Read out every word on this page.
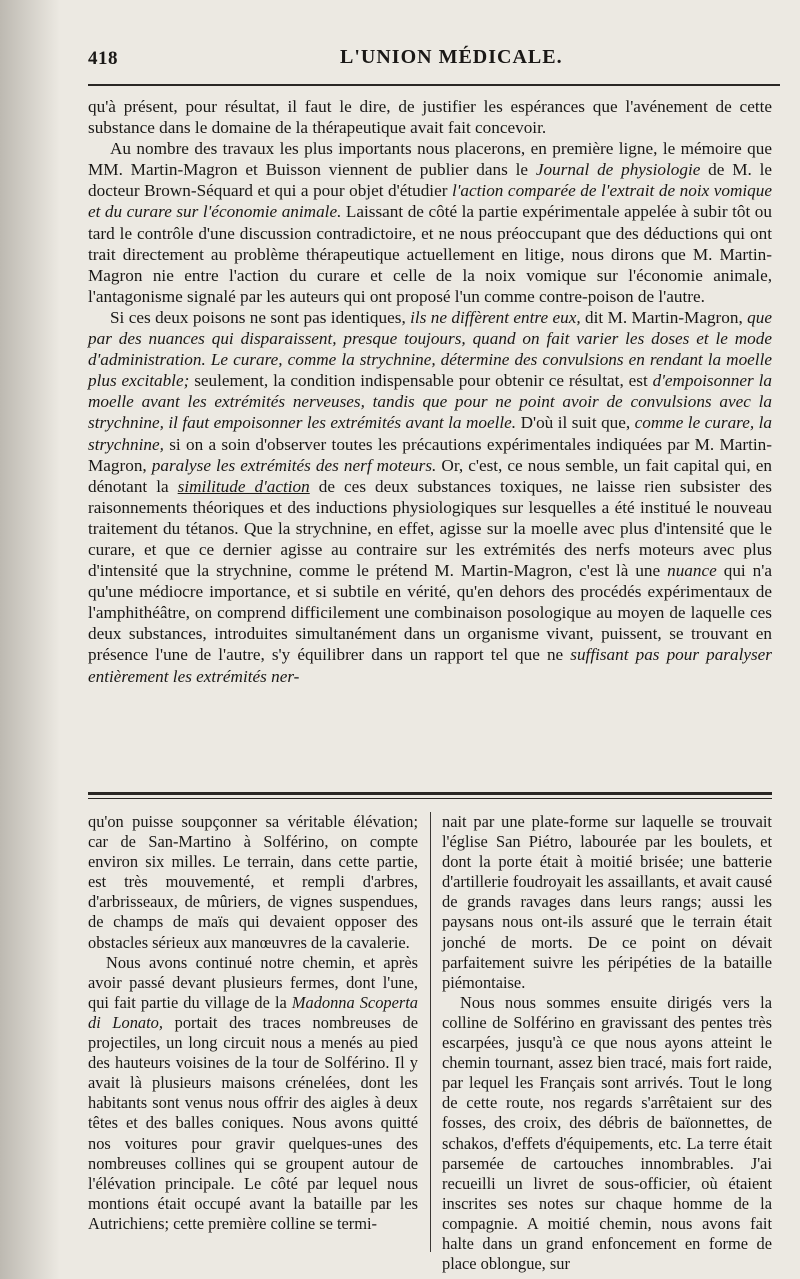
418	L'UNION MÉDICALE.

qu'à présent, pour résultat, il faut le dire, de justifier les espérances que l'avénement de cette substance dans le domaine de la thérapeutique avait fait concevoir.

Au nombre des travaux les plus importants nous placerons, en première ligne, le mémoire que MM. Martin-Magron et Buisson viennent de publier dans le Journal de physiologie de M. le docteur Brown-Séquard et qui a pour objet d'étudier l'action comparée de l'extrait de noix vomique et du curare sur l'économie animale. Laissant de côté la partie expérimentale appelée à subir tôt ou tard le contrôle d'une discussion contradictoire, et ne nous préoccupant que des déductions qui ont trait directement au problème thérapeutique actuellement en litige, nous dirons que M. Martin-Magron nie entre l'action du curare et celle de la noix vomique sur l'économie animale, l'antagonisme signalé par les auteurs qui ont proposé l'un comme contre-poison de l'autre.

Si ces deux poisons ne sont pas identiques, ils ne diffèrent entre eux, dit M. Martin-Magron, que par des nuances qui disparaissent, presque toujours, quand on fait varier les doses et le mode d'administration. Le curare, comme la strychnine, détermine des convulsions en rendant la moelle plus excitable; seulement, la condition indispensable pour obtenir ce résultat, est d'empoisonner la moelle avant les extrémités nerveuses, tandis que pour ne point avoir de convulsions avec la strychnine, il faut empoisonner les extrémités avant la moelle. D'où il suit que, comme le curare, la strychnine, si on a soin d'observer toutes les précautions expérimentales indiquées par M. Martin-Magron, paralyse les extrémités des nerf moteurs. Or, c'est, ce nous semble, un fait capital qui, en dénotant la similitude d'action de ces deux substances toxiques, ne laisse rien subsister des raisonnements théoriques et des inductions physiologiques sur lesquelles a été institué le nouveau traitement du tétanos. Que la strychnine, en effet, agisse sur la moelle avec plus d'intensité que le curare, et que ce dernier agisse au contraire sur les extrémités des nerfs moteurs avec plus d'intensité que la strychnine, comme le prétend M. Martin-Magron, c'est là une nuance qui n'a qu'une médiocre importance, et si subtile en vérité, qu'en dehors des procédés expérimentaux de l'amphithéâtre, on comprend difficilement une combinaison posologique au moyen de laquelle ces deux substances, introduites simultanément dans un organisme vivant, puissent, se trouvant en présence l'une de l'autre, s'y équilibrer dans un rapport tel que ne suffisant pas pour paralyser entièrement les extrémités ner-

qu'on puisse soupçonner sa véritable élévation; car de San-Martino à Solférino, on compte environ six milles. Le terrain, dans cette partie, est très mouvementé, et rempli d'arbres, d'arbrisseaux, de mûriers, de vignes suspendues, de champs de maïs qui devaient opposer des obstacles sérieux aux manœuvres de la cavalerie.

Nous avons continué notre chemin, et après avoir passé devant plusieurs fermes, dont l'une, qui fait partie du village de la Madonna Scoperta di Lonato, portait des traces nombreuses de projectiles, un long circuit nous a menés au pied des hauteurs voisines de la tour de Solférino. Il y avait là plusieurs maisons crénelées, dont les habitants sont venus nous offrir des aigles à deux têtes et des balles coniques. Nous avons quitté nos voitures pour gravir quelques-unes des nombreuses collines qui se groupent autour de l'élévation principale. Le côté par lequel nous montions était occupé avant la bataille par les Autrichiens; cette première colline se termi-

nait par une plate-forme sur laquelle se trouvait l'église San Piétro, labourée par les boulets, et dont la porte était à moitié brisée; une batterie d'artillerie foudroyait les assaillants, et avait causé de grands ravages dans leurs rangs; aussi les paysans nous ont-ils assuré que le terrain était jonché de morts. De ce point on dévait parfaitement suivre les péripéties de la bataille piémontaise.

Nous nous sommes ensuite dirigés vers la colline de Solférino en gravissant des pentes très escarpées, jusqu'à ce que nous ayons atteint le chemin tournant, assez bien tracé, mais fort raide, par lequel les Français sont arrivés. Tout le long de cette route, nos regards s'arrêtaient sur des fosses, des croix, des débris de baïonnettes, de schakos, d'effets d'équipements, etc. La terre était parsemée de cartouches innombrables. J'ai recueilli un livret de sous-officier, où étaient inscrites ses notes sur chaque homme de la compagnie. A moitié chemin, nous avons fait halte dans un grand enfoncement en forme de place oblongue, sur
